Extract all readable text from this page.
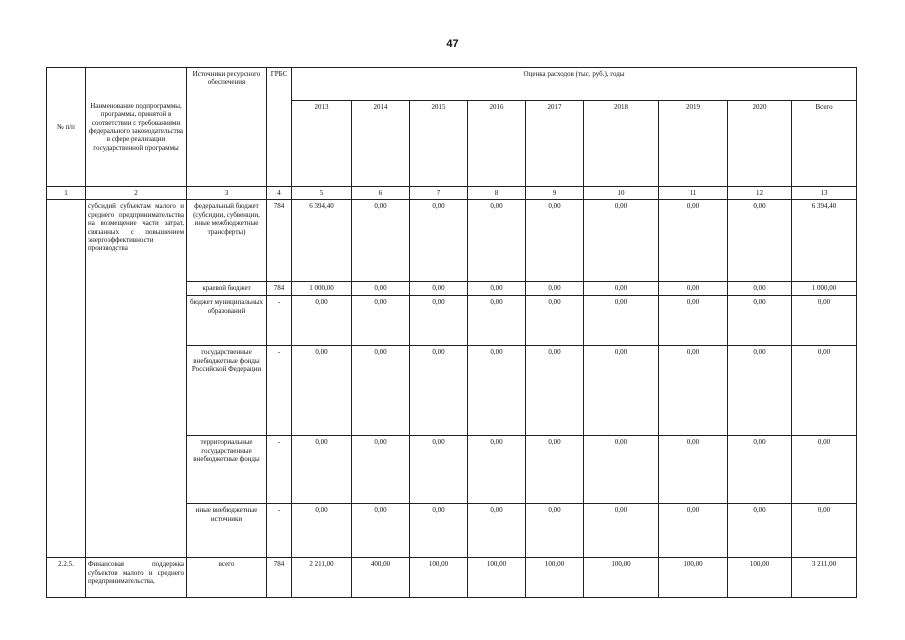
47
№ п/п	Наименование подпрограммы, программы, принятой в соответствии с требованиями федерального законодательства в сфере реализации государственной программы	Источники ресурсного обеспечения	ГРБС	Оценка расходов (тыс. руб.), годы								
				2013	2014	2015	2016	2017	2018	2019	2020	Всего
1	2	3	4	5	6	7	8	9	10	11	12	13
	субсидий субъектам малого и среднего предпринимательства на возмещение части затрат, связанных с повышением энергоэффективности производства	федеральный бюджет (субсидии, субвенции, иные межбюджетные трансферты)	784	6 394,40	0,00	0,00	0,00	0,00	0,00	0,00	0,00	6 394,40
		краевой бюджет	784	1 000,00	0,00	0,00	0,00	0,00	0,00	0,00	0,00	1 000,00
		бюджет муниципальных образований	-	0,00	0,00	0,00	0,00	0,00	0,00	0,00	0,00	0,00
		государственные внебюджетные фонды Российской Федерации	-	0,00	0,00	0,00	0,00	0,00	0,00	0,00	0,00	0,00
		территориальные государственные внебюджетные фонды	-	0,00	0,00	0,00	0,00	0,00	0,00	0,00	0,00	0,00
		иные внебюджетные источники	-	0,00	0,00	0,00	0,00	0,00	0,00	0,00	0,00	0,00
2.2.5.	Финансовая поддержка субъектов малого и среднего предпринимательства,	всего	784	2 211,00	400,00	100,00	100,00	100,00	100,00	100,00	100,00	3 211,00
